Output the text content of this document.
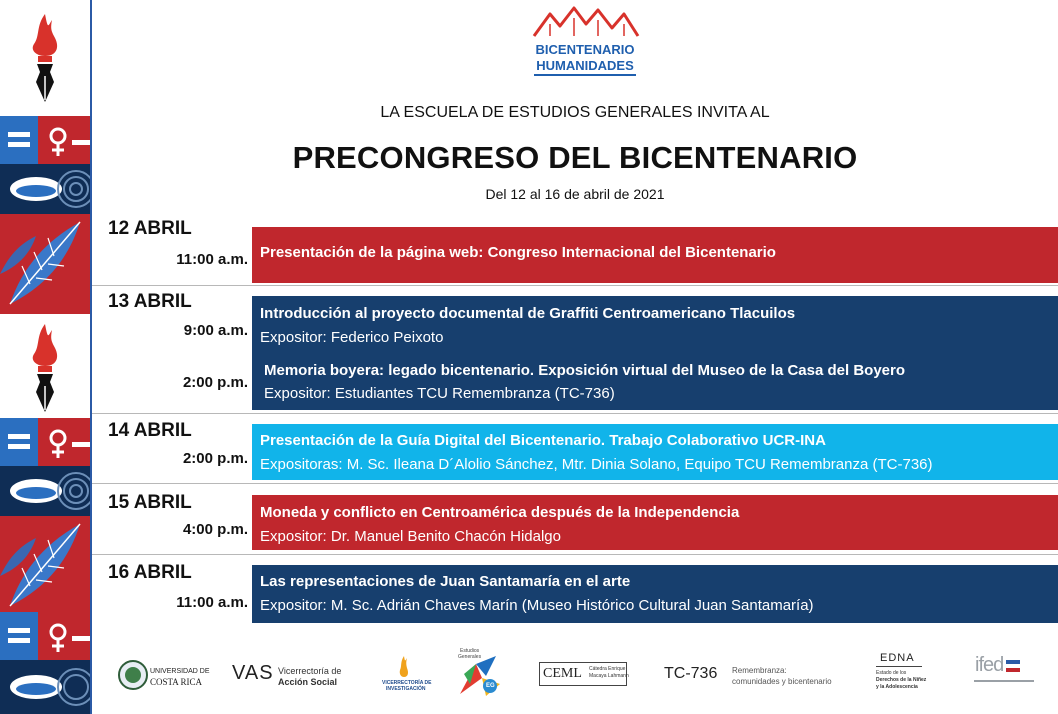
BICENTENARIO
HUMANIDADES
LA ESCUELA DE ESTUDIOS GENERALES INVITA AL
PRECONGRESO DEL BICENTENARIO
Del 12 al 16 de abril de 2021
12 ABRIL
11:00 a.m. Presentación de la página web: Congreso Internacional del Bicentenario
13 ABRIL
9:00 a.m.
2:00 p.m.
Introducción al proyecto documental de Graffiti Centroamericano Tlacuilos
Expositor: Federico Peixoto
Memoria boyera: legado bicentenario. Exposición virtual del Museo de la Casa del Boyero
Expositor: Estudiantes TCU Remembranza (TC-736)
14 ABRIL
2:00 p.m.
Presentación de la Guía Digital del Bicentenario. Trabajo Colaborativo UCR-INA
Expositoras: M. Sc. Ileana D´Alolio Sánchez, Mtr. Dinia Solano, Equipo TCU Remembranza (TC-736)
15 ABRIL
4:00 p.m.
Moneda y conflicto en Centroamérica después de la Independencia
Expositor: Dr. Manuel Benito Chacón Hidalgo
16 ABRIL
11:00 a.m.
Las representaciones de Juan Santamaría en el arte
Expositor: M. Sc. Adrián Chaves Marín (Museo Histórico Cultural Juan Santamaría)
UNIVERSIDAD DE
COSTA RICA VAS Vicerrectoría de
Acción Social	VICERRECTORÍA DE
INVESTIGACIÓN
Estudios
Generales
EG
CEML Cátedra Enrique
Macaya Lahmann TC-736 Remembranza:
comunidades y bicentenario
EDNA
Estado de los
Derechos de la Niñez
y la Adolescencia
ifed
